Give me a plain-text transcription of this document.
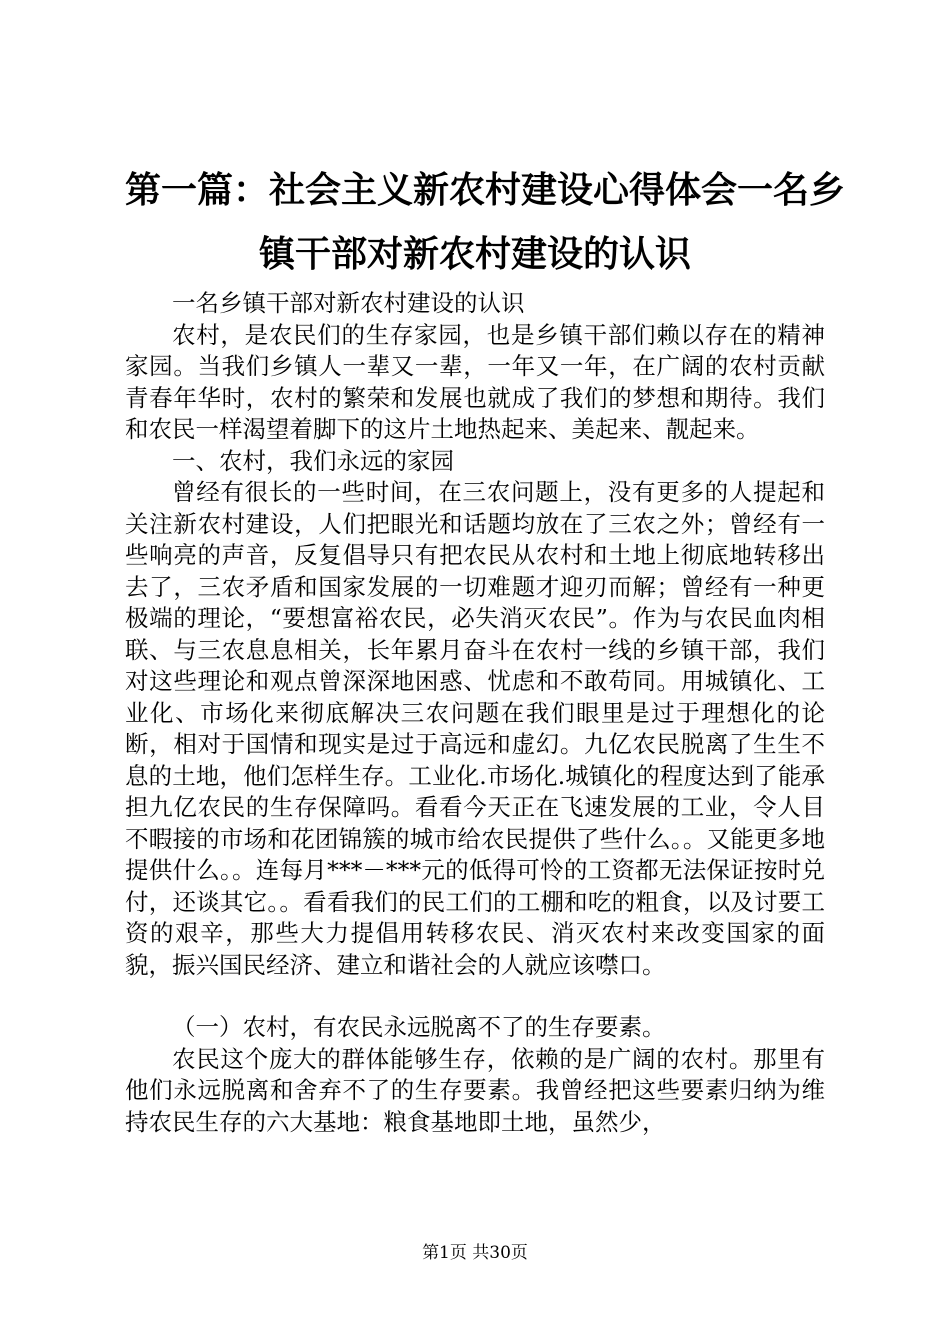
第一篇：社会主义新农村建设心得体会一名乡
镇干部对新农村建设的认识

一名乡镇干部对新农村建设的认识

农村，是农民们的生存家园，也是乡镇干部们赖以存在的精神家园。当我们乡镇人一辈又一辈，一年又一年，在广阔的农村贡献青春年华时，农村的繁荣和发展也就成了我们的梦想和期待。我们和农民一样渴望着脚下的这片土地热起来、美起来、靓起来。

一、农村，我们永远的家园

曾经有很长的一些时间，在三农问题上，没有更多的人提起和关注新农村建设，人们把眼光和话题均放在了三农之外；曾经有一些响亮的声音，反复倡导只有把农民从农村和土地上彻底地转移出去了，三农矛盾和国家发展的一切难题才迎刃而解；曾经有一种更极端的理论，“要想富裕农民，必失消灭农民”。作为与农民血肉相联、与三农息息相关，长年累月奋斗在农村一线的乡镇干部，我们对这些理论和观点曾深深地困惑、忧虑和不敢苟同。用城镇化、工业化、市场化来彻底解决三农问题在我们眼里是过于理想化的论断，相对于国情和现实是过于高远和虚幻。九亿农民脱离了生生不息的土地，他们怎样生存。工业化.市场化.城镇化的程度达到了能承担九亿农民的生存保障吗。看看今天正在飞速发展的工业，令人目不暇接的市场和花团锦簇的城市给农民提供了些什么。。又能更多地提供什么。。连每月***－***元的低得可怜的工资都无法保证按时兑付，还谈其它。。看看我们的民工们的工棚和吃的粗食，以及讨要工资的艰辛，那些大力提倡用转移农民、消灭农村来改变国家的面貌，振兴国民经济、建立和谐社会的人就应该噤口。

（一）农村，有农民永远脱离不了的生存要素。

农民这个庞大的群体能够生存，依赖的是广阔的农村。那里有他们永远脱离和舍弃不了的生存要素。我曾经把这些要素归纳为维持农民生存的六大基地：粮食基地即土地，虽然少，

第1页 共30页
